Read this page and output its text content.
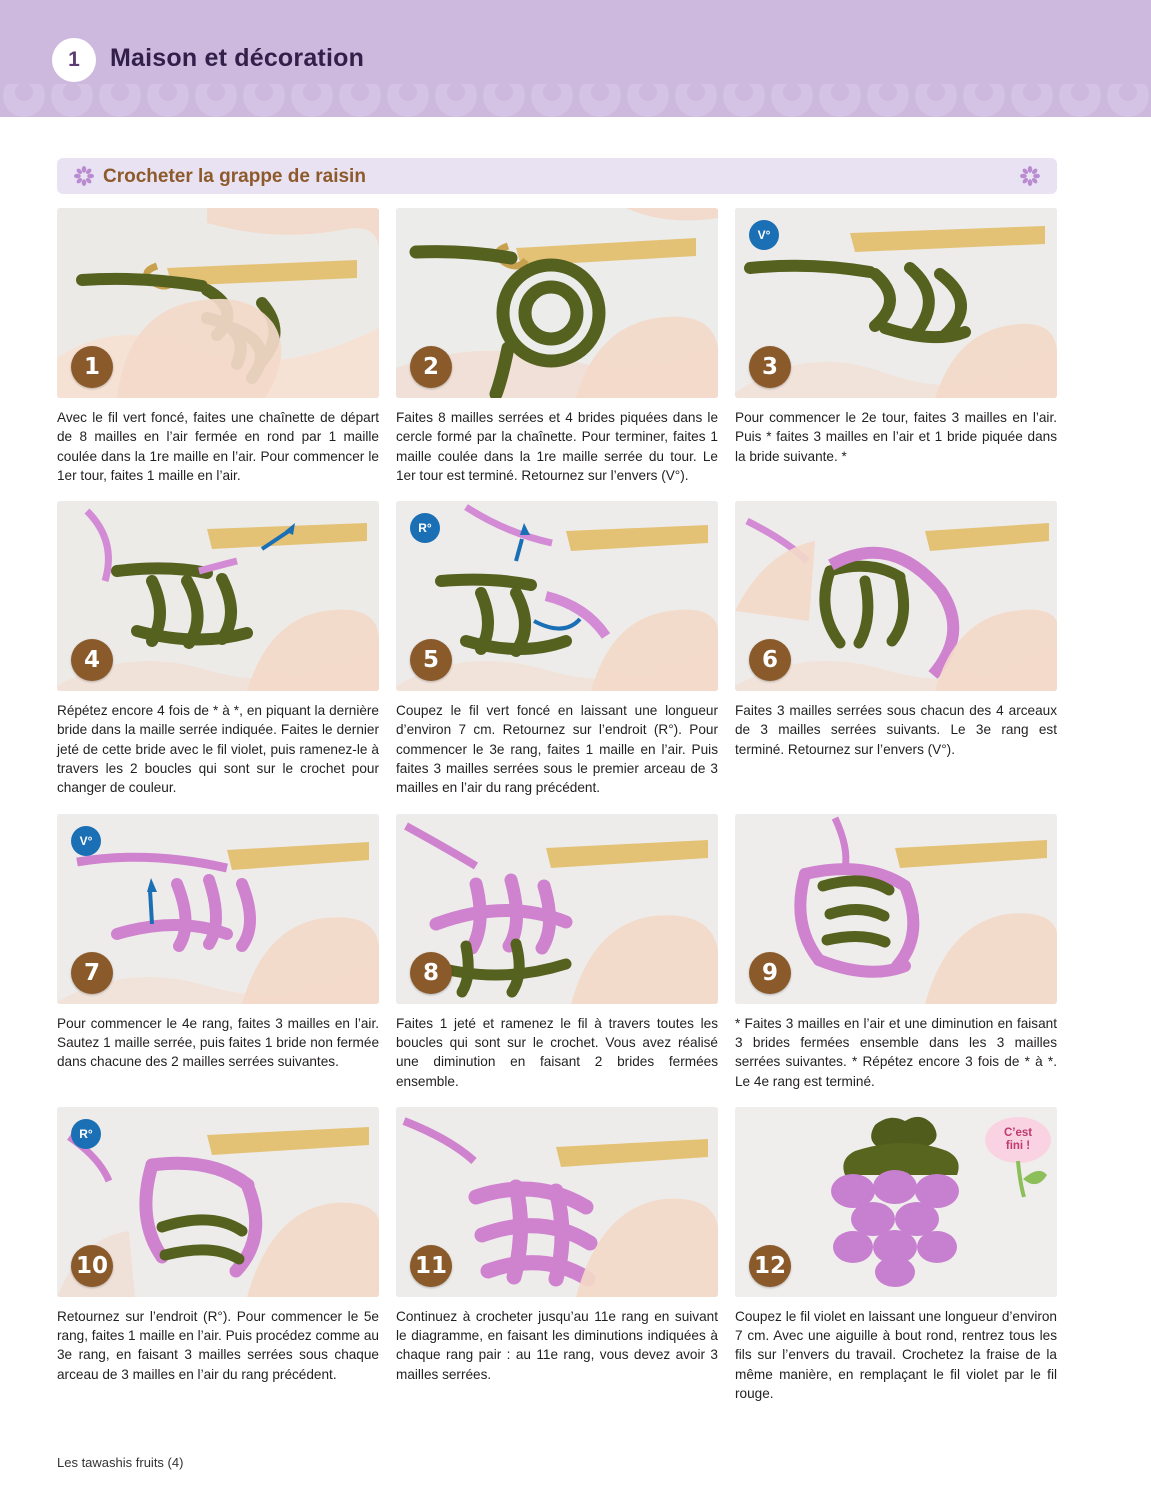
1 Maison et décoration
Crocheter la grappe de raisin
1
Avec le fil vert foncé, faites une chaînette de départ de 8 mailles en l’air fermée en rond par 1 maille coulée dans la 1re maille en l’air. Pour commencer le 1er tour, faites 1 maille en l’air.
2
Faites 8 mailles serrées et 4 brides piquées dans le cercle formé par la chaînette. Pour terminer, faites 1 maille coulée dans la 1re maille serrée du tour. Le 1er tour est terminé. Retournez sur l’envers (V°).
V°
3
Pour commencer le 2e tour, faites 3 mailles en l’air. Puis * faites 3 mailles en l’air et 1 bride piquée dans la bride suivante. *
4
Répétez encore 4 fois de * à *, en piquant la dernière bride dans la maille serrée indiquée. Faites le dernier jeté de cette bride avec le fil violet, puis ramenez-le à travers les 2 boucles qui sont sur le crochet pour changer de couleur.
R°
5
Coupez le fil vert foncé en laissant une longueur d’environ 7 cm. Retournez sur l’endroit (R°). Pour commencer le 3e rang, faites 1 maille en l’air. Puis faites 3 mailles serrées sous le premier arceau de 3 mailles en l’air du rang précédent.
6
Faites 3 mailles serrées sous chacun des 4 arceaux de 3 mailles serrées suivants. Le 3e rang est terminé. Retournez sur l’envers (V°).
V°
7
Pour commencer le 4e rang, faites 3 mailles en l’air. Sautez 1 maille serrée, puis faites 1 bride non fermée dans chacune des 2 mailles serrées suivantes.
8
Faites 1 jeté et ramenez le fil à travers toutes les boucles qui sont sur le crochet. Vous avez réalisé une diminution en faisant 2 brides fermées ensemble.
9
* Faites 3 mailles en l’air et une diminution en faisant 3 brides fermées ensemble dans les 3 mailles serrées suivantes. * Répétez encore 3 fois de * à *. Le 4e rang est terminé.
R°
10
Retournez sur l’endroit (R°). Pour commencer le 5e rang, faites 1 maille en l’air. Puis procédez comme au 3e rang, en faisant 3 mailles serrées sous chaque arceau de 3 mailles en l’air du rang précédent.
11
Continuez à crocheter jusqu’au 11e rang en suivant le diagramme, en faisant les diminutions indiquées à chaque rang pair : au 11e rang, vous devez avoir 3 mailles serrées.
12
C’est
fini !
Coupez le fil violet en laissant une longueur d’environ 7 cm. Avec une aiguille à bout rond, rentrez tous les fils sur l’envers du travail. Crochetez la fraise de la même manière, en remplaçant le fil violet par le fil rouge.
Les tawashis fruits (4)
